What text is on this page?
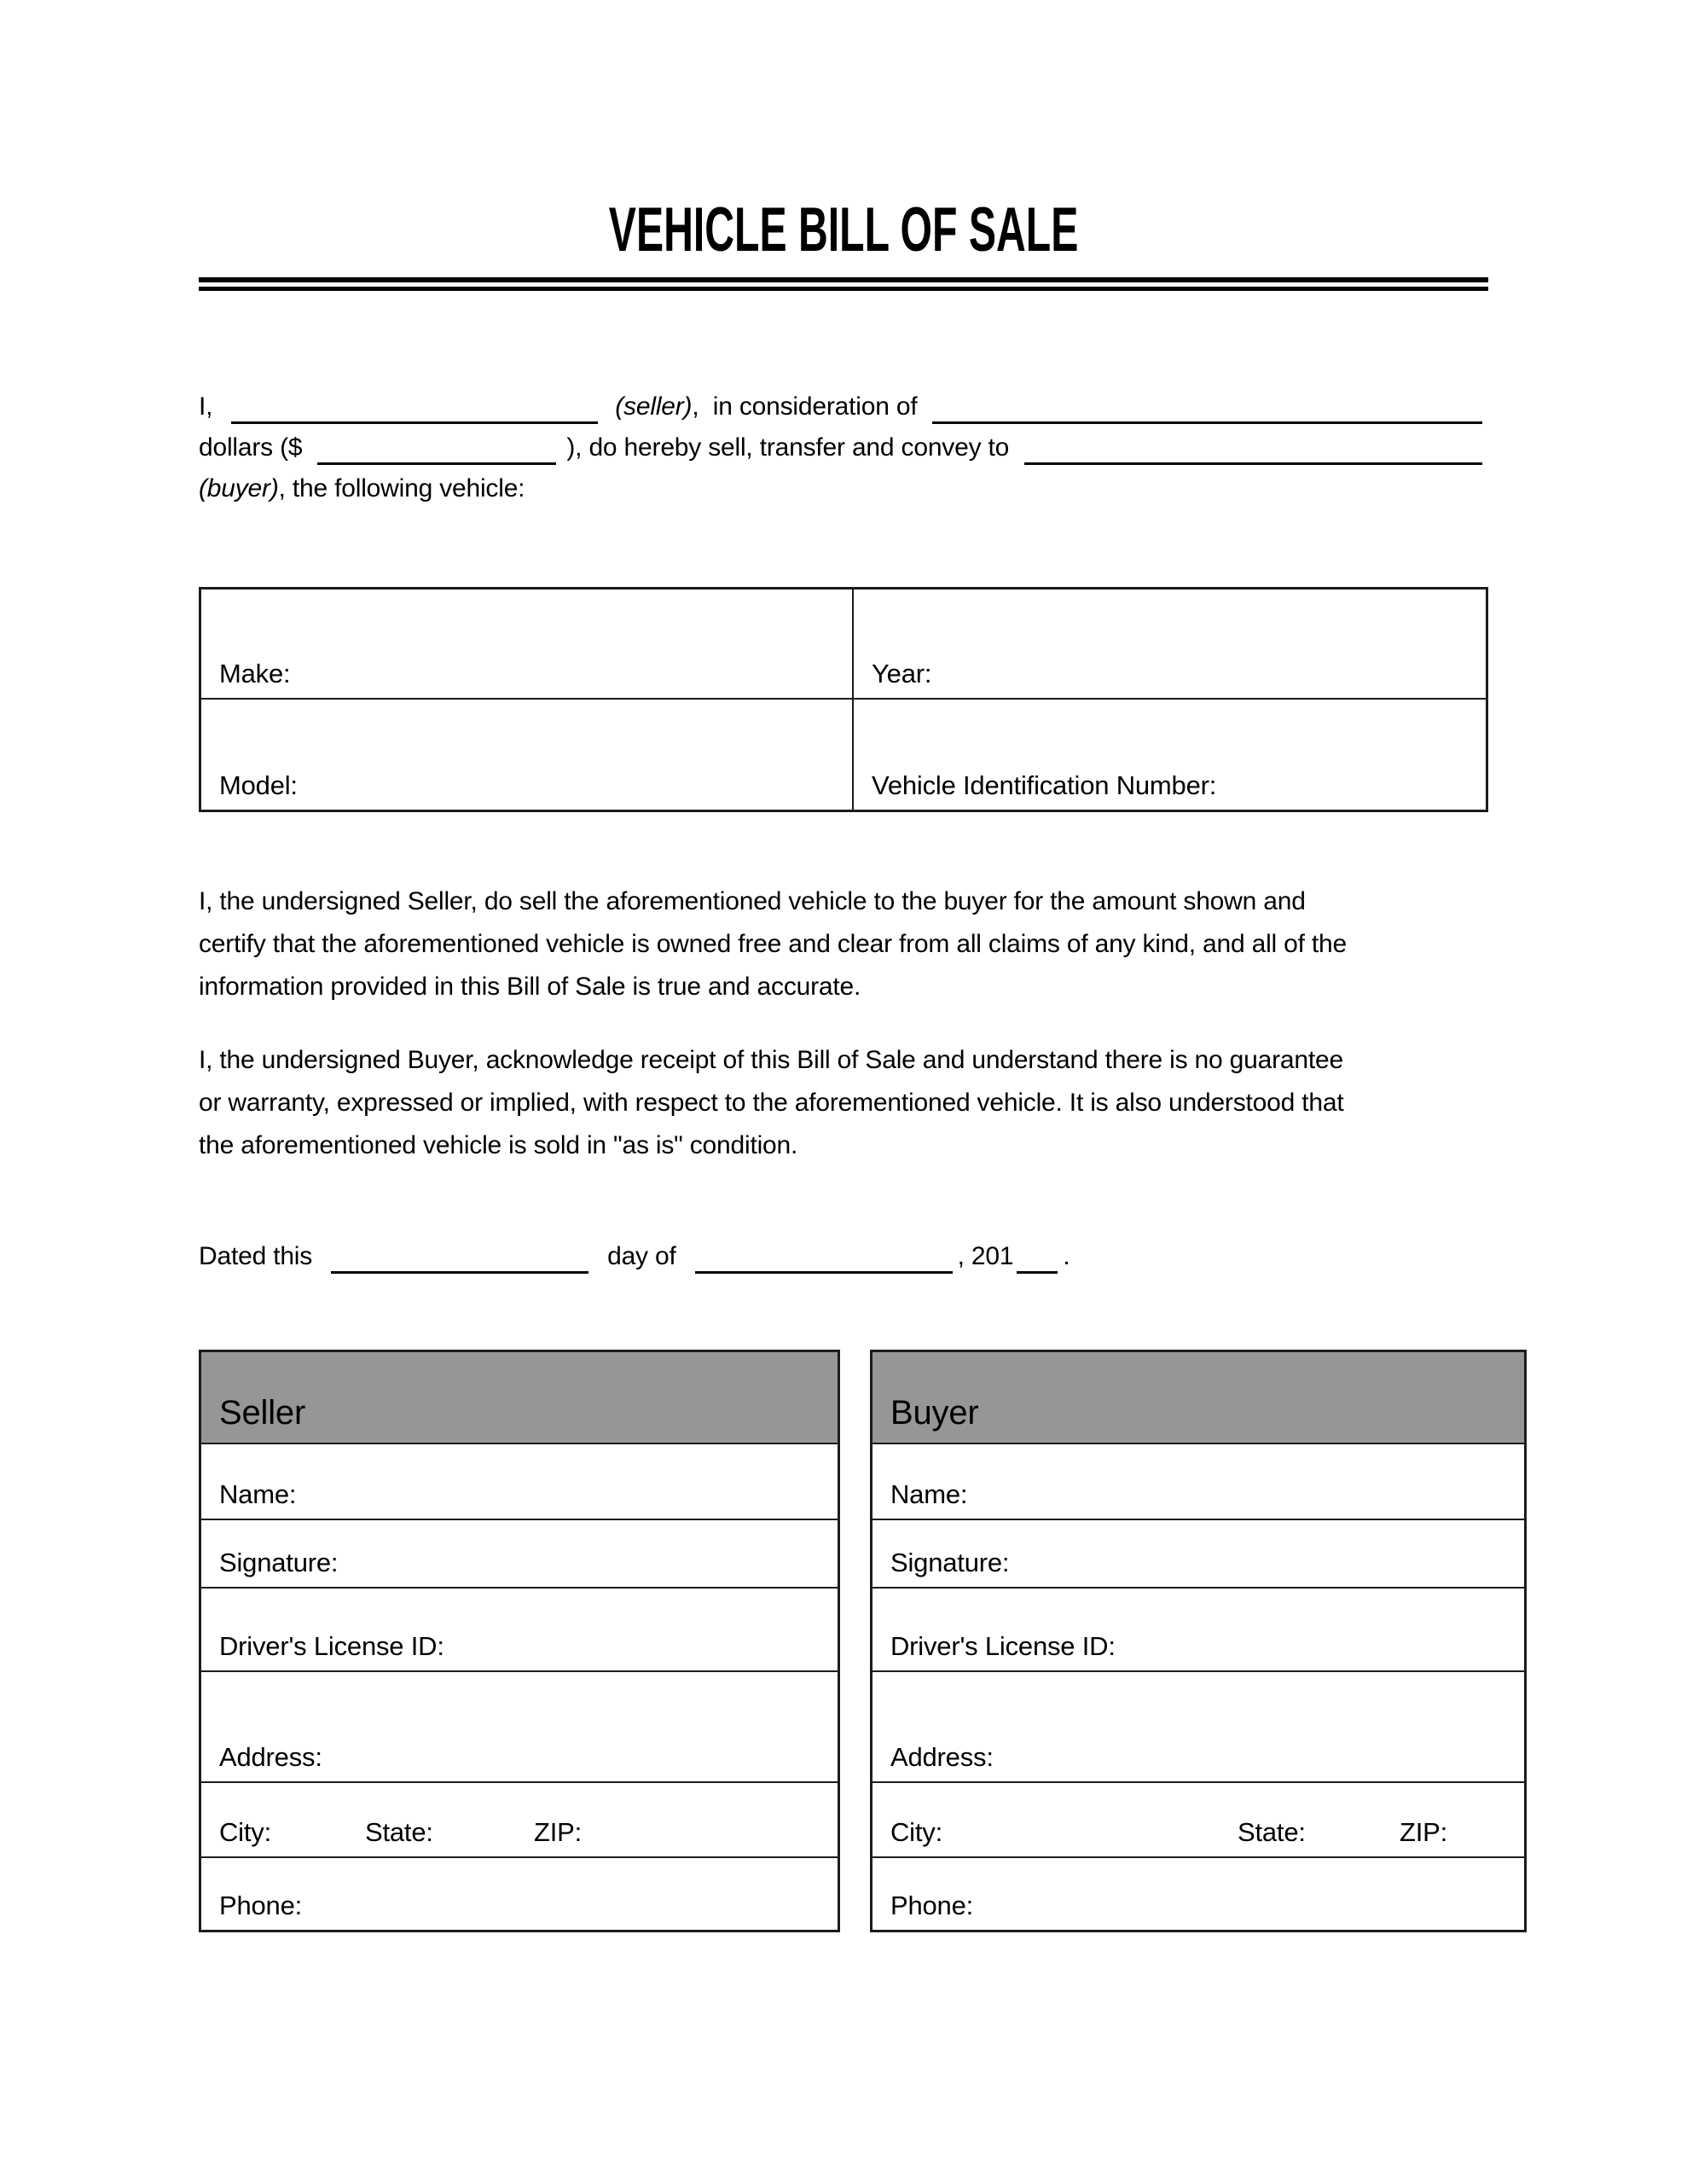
VEHICLE BILL OF SALE
I,	(seller) ,  in consideration of
dollars ($	), do hereby sell, transfer and convey to
(buyer) , the following vehicle:
Make:	Year:
Model:	Vehicle Identification Number:
I, the undersigned Seller, do sell the aforementioned vehicle to the buyer for the amount shown and
certify that the aforementioned vehicle is owned free and clear from all claims of any kind, and all of the
information provided in this Bill of Sale is true and accurate.
I, the undersigned Buyer, acknowledge receipt of this Bill of Sale and understand there is no guarantee
or warranty, expressed or implied, with respect to the aforementioned vehicle. It is also understood that
the aforementioned vehicle is sold in "as is" condition.
Dated this	day of	, 201 .
Seller
Name:
Signature:
Driver's License ID:
Address:
City:	State:	ZIP:
Phone:
Buyer
Name:
Signature:
Driver's License ID:
Address:
City:	State:	ZIP:
Phone:
